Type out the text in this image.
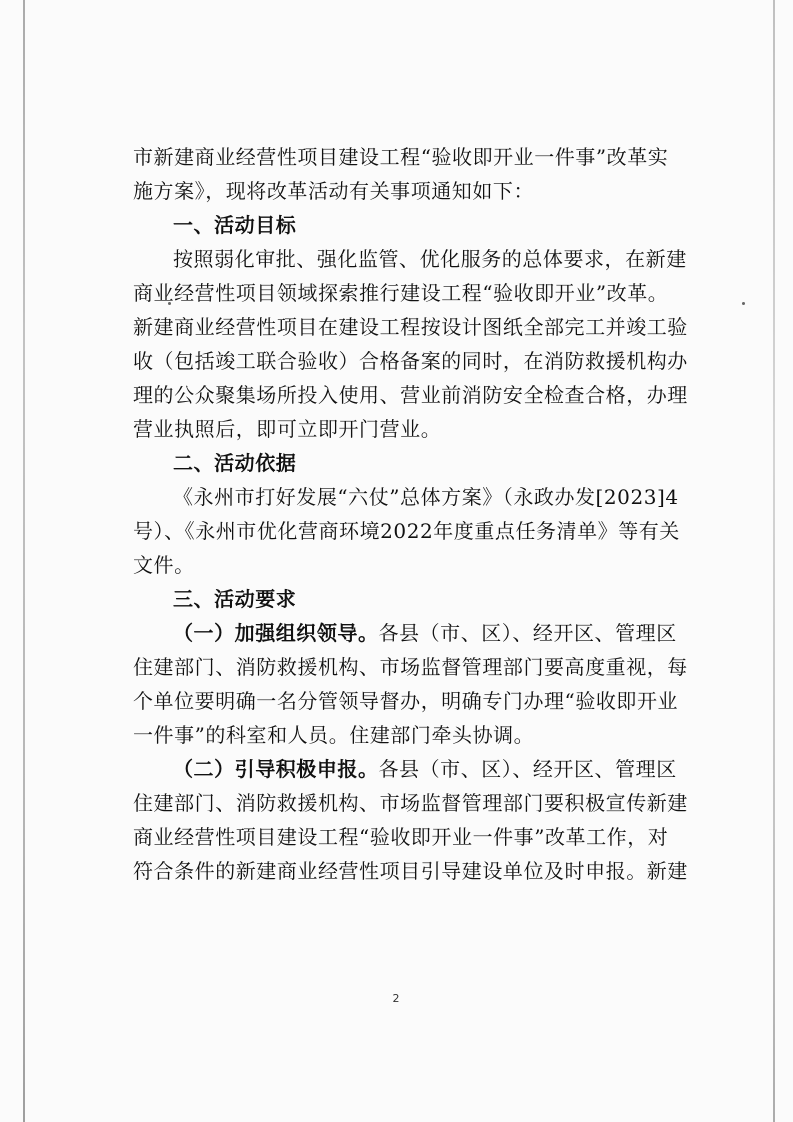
市新建商业经营性项目建设工程“验收即开业一件事”改革实
施方案》，现将改革活动有关事项通知如下：
一、活动目标
按照弱化审批、强化监管、优化服务的总体要求，在新建
商业经营性项目领域探索推行建设工程“验收即开业”改革。
新建商业经营性项目在建设工程按设计图纸全部完工并竣工验
收（包括竣工联合验收）合格备案的同时，在消防救援机构办
理的公众聚集场所投入使用、营业前消防安全检查合格，办理
营业执照后，即可立即开门营业。
二、活动依据
《永州市打好发展“六仗”总体方案》（永政办发[2023]4
号）、《永州市优化营商环境2022年度重点任务清单》等有关
文件。
三、活动要求
（一）加强组织领导。各县（市、区）、经开区、管理区
住建部门、消防救援机构、市场监督管理部门要高度重视，每
个单位要明确一名分管领导督办，明确专门办理“验收即开业
一件事”的科室和人员。住建部门牵头协调。
（二）引导积极申报。各县（市、区）、经开区、管理区
住建部门、消防救援机构、市场监督管理部门要积极宣传新建
商业经营性项目建设工程“验收即开业一件事”改革工作，对
符合条件的新建商业经营性项目引导建设单位及时申报。新建
2
